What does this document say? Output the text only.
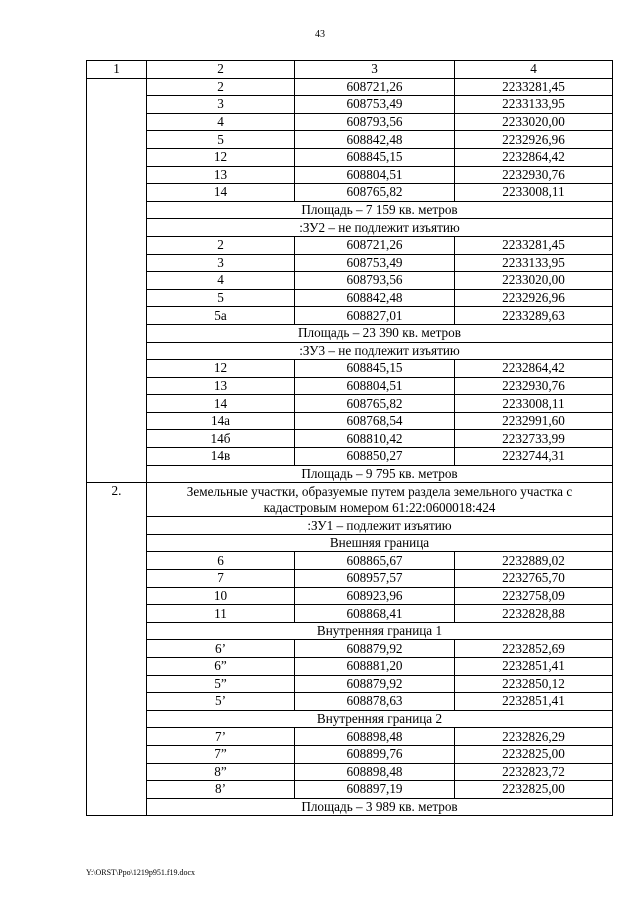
43
1	2	3	4
	2	608721,26	2233281,45
	3	608753,49	2233133,95
	4	608793,56	2233020,00
	5	608842,48	2232926,96
	12	608845,15	2232864,42
	13	608804,51	2232930,76
	14	608765,82	2233008,11
	Площадь – 7 159 кв. метров		
	:ЗУ2 – не подлежит изъятию		
	2	608721,26	2233281,45
	3	608753,49	2233133,95
	4	608793,56	2233020,00
	5	608842,48	2232926,96
	5а	608827,01	2233289,63
	Площадь – 23 390 кв. метров		
	:ЗУ3 – не подлежит изъятию		
	12	608845,15	2232864,42
	13	608804,51	2232930,76
	14	608765,82	2233008,11
	14а	608768,54	2232991,60
	14б	608810,42	2232733,99
	14в	608850,27	2232744,31
	Площадь – 9 795 кв. метров		
2.	Земельные участки, образуемые путем раздела земельного участка с кадастровым номером 61:22:0600018:424		
	:ЗУ1 – подлежит изъятию		
	Внешняя граница		
	6	608865,67	2232889,02
	7	608957,57	2232765,70
	10	608923,96	2232758,09
	11	608868,41	2232828,88
	Внутренняя граница 1		
	6’	608879,92	2232852,69
	6”	608881,20	2232851,41
	5”	608879,92	2232850,12
	5’	608878,63	2232851,41
	Внутренняя граница 2		
	7’	608898,48	2232826,29
	7”	608899,76	2232825,00
	8”	608898,48	2232823,72
	8’	608897,19	2232825,00
	Площадь – 3 989 кв. метров		
Y:\ORST\Ppo\1219p951.f19.docx
